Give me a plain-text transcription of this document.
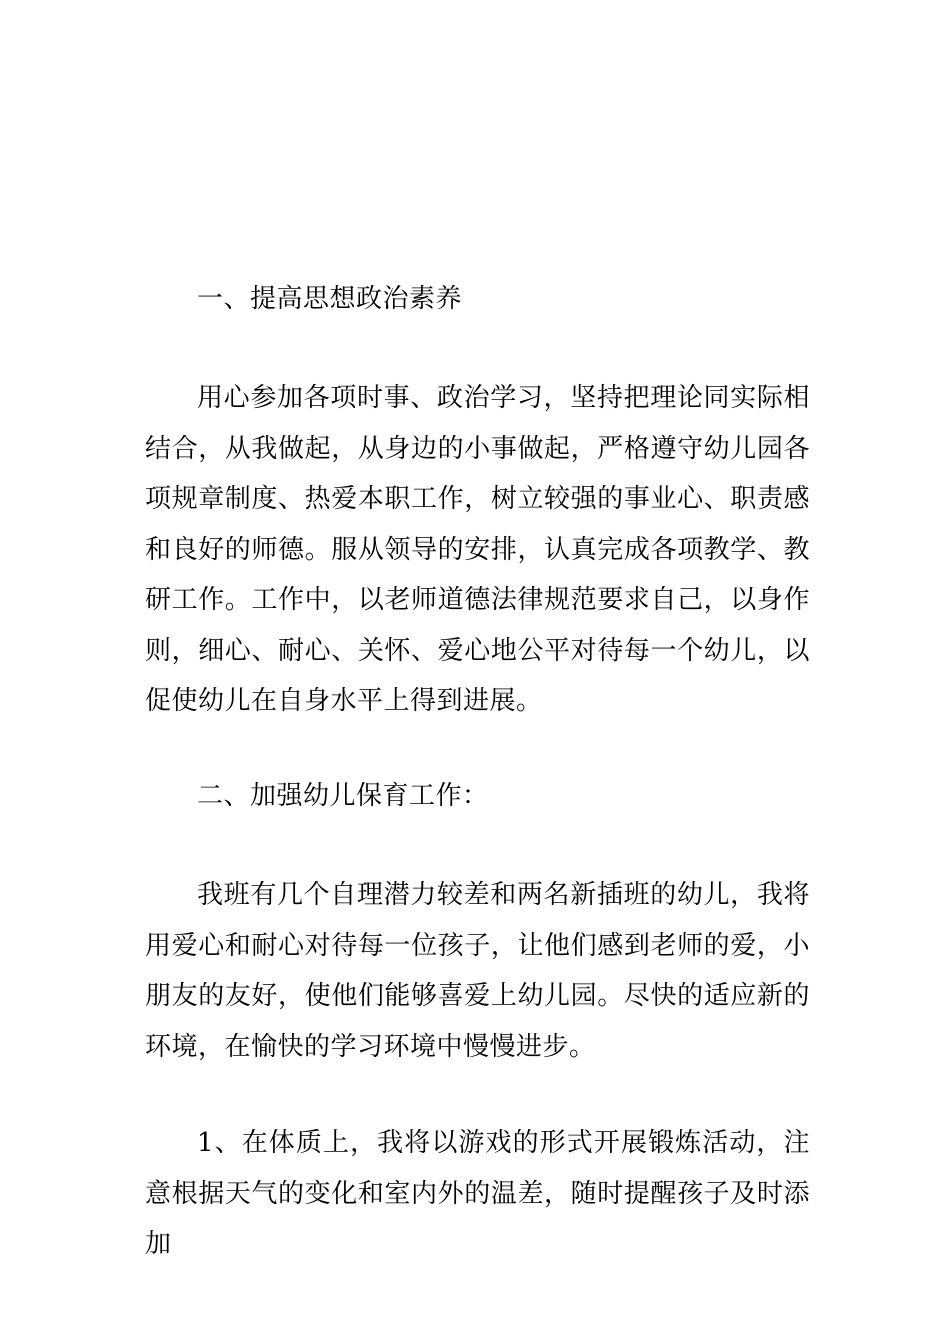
一、提高思想政治素养
用心参加各项时事、政治学习，坚持把理论同实际相结合，从我做起，从身边的小事做起，严格遵守幼儿园各项规章制度、热爱本职工作，树立较强的事业心、职责感和良好的师德。服从领导的安排，认真完成各项教学、教研工作。工作中，以老师道德法律规范要求自己，以身作则，细心、耐心、关怀、爱心地公平对待每一个幼儿，以促使幼儿在自身水平上得到进展。
二、加强幼儿保育工作：
我班有几个自理潜力较差和两名新插班的幼儿，我将用爱心和耐心对待每一位孩子，让他们感到老师的爱，小朋友的友好，使他们能够喜爱上幼儿园。尽快的适应新的环境，在愉快的学习环境中慢慢进步。
1、在体质上，我将以游戏的形式开展锻炼活动，注意根据天气的变化和室内外的温差，随时提醒孩子及时添加
